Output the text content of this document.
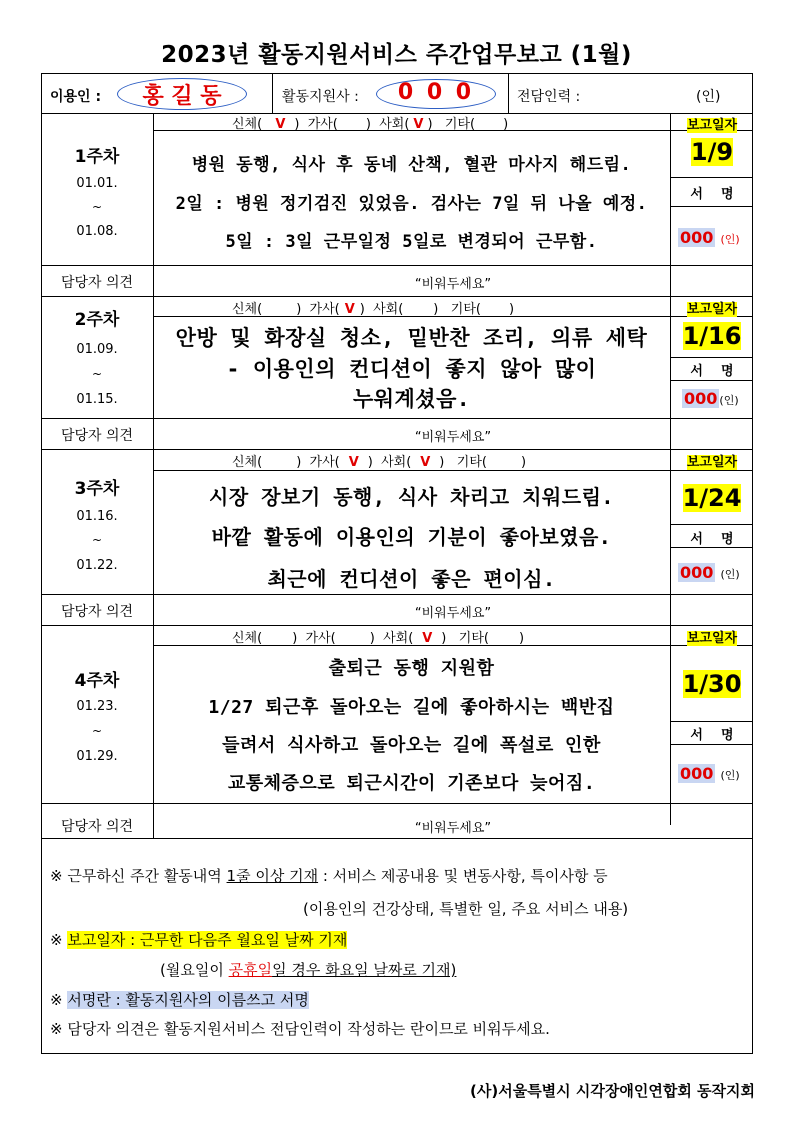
2023년 활동지원서비스 주간업무보고 (1월)
이용인 :	홍 길 동	활동지원사 :	0 0 0	전담인력 :	(인)
1주차
01.01.
~
01.08.
신체( V ) 가사( ) 사회( V ) 기타( )
병원 동행, 식사 후 동네 산책, 혈관 마사지 해드림.
2일 : 병원 정기검진 있었음. 검사는 7일 뒤 나올 예정.
5일 : 3일 근무일정 5일로 변경되어 근무함.
보고일자
1/9
서    명
000 (인)
담당자 의견	“비워두세요”
2주차
01.09.
~
01.15.
신체(	) 가사( V ) 사회( ) 기타( )
안방 및 화장실 청소, 밑반찬 조리, 의류 세탁
- 이용인의 컨디션이 좋지 않아 많이
누워계셨음.
보고일자
1/16
서    명
000 (인)
담당자 의견	“비워두세요”
3주차
01.16.
~
01.22.
신체(	) 가사( V ) 사회( V ) 기타(	)
시장 장보기 동행, 식사 차리고 치워드림.
바깥 활동에 이용인의 기분이 좋아보였음.
최근에 컨디션이 좋은 편이심.
보고일자
1/24
서    명
000 (인)
담당자 의견	“비워두세요”
4주차
01.23.
~
01.29.
신체( ) 가사(	) 사회( V ) 기타( )
출퇴근 동행 지원함
1/27 퇴근후 돌아오는 길에 좋아하시는 백반집
들려서 식사하고 돌아오는 길에 폭설로 인한
교통체증으로 퇴근시간이 기존보다 늦어짐.
보고일자
1/30
서    명
000 (인)
담당자 의견	“비워두세요”
※ 근무하신 주간 활동내역 1줄 이상 기재 : 서비스 제공내용 및 변동사항, 특이사항 등
(이용인의 건강상태, 특별한 일, 주요 서비스 내용)
※ 보고일자 : 근무한 다음주 월요일 날짜 기재
(월요일이 공휴일일 경우 화요일 날짜로 기재)
※ 서명란 : 활동지원사의 이름쓰고 서명
※ 담당자 의견은 활동지원서비스 전담인력이 작성하는 란이므로 비워두세요.
(사)서울특별시 시각장애인연합회 동작지회
